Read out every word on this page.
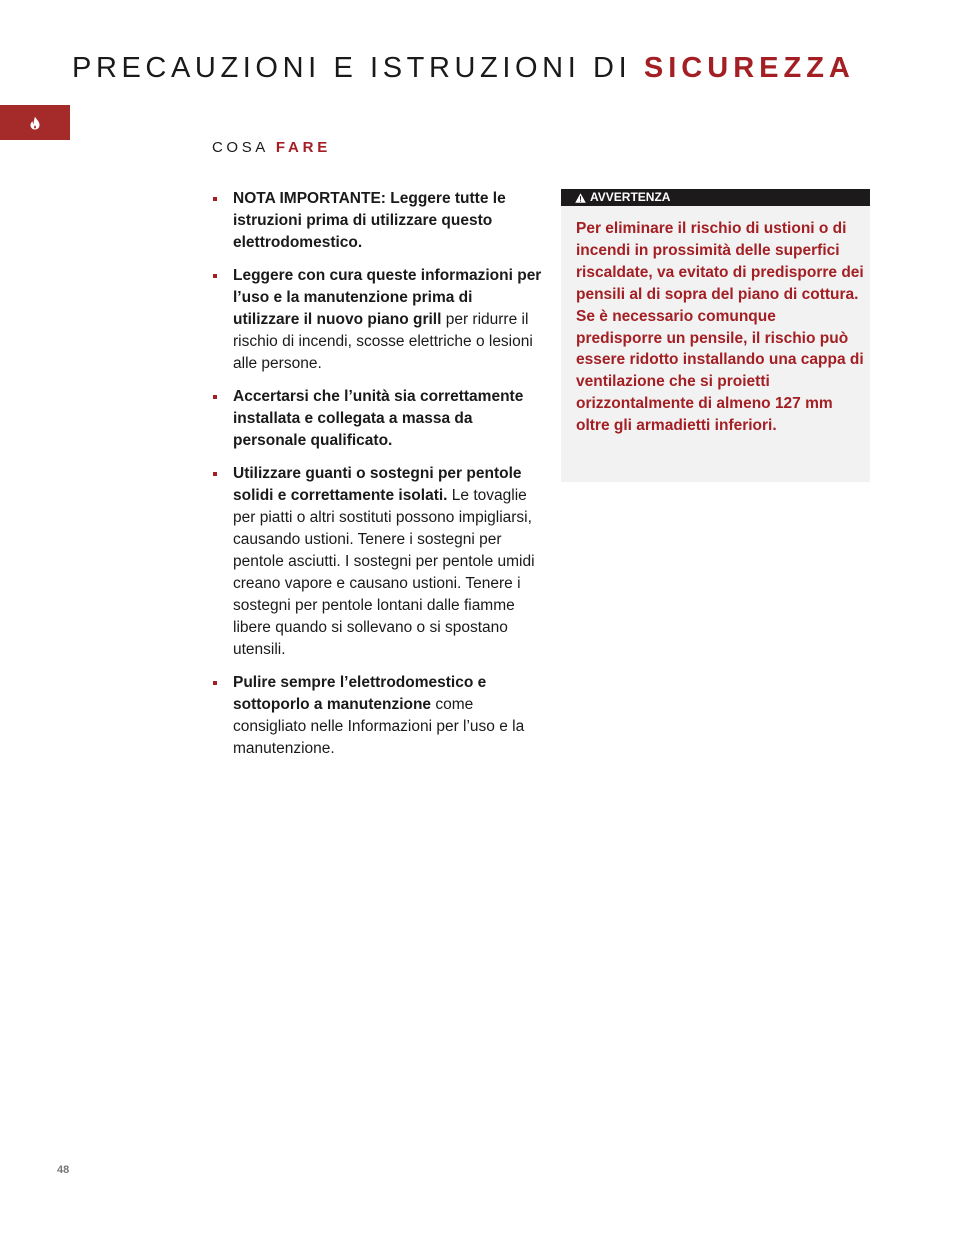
PRECAUZIONI E ISTRUZIONI DI SICUREZZA
COSA FARE
NOTA IMPORTANTE: Leggere tutte le istruzioni prima di utilizzare questo elettrodomestico.
Leggere con cura queste informazioni per l’uso e la manutenzione prima di utilizzare il nuovo piano grill per ridurre il rischio di incendi, scosse elettriche o lesioni alle persone.
Accertarsi che l’unità sia correttamente installata e collegata a massa da personale qualificato.
Utilizzare guanti o sostegni per pentole solidi e correttamente isolati. Le tovaglie per piatti o altri sostituti possono impigliarsi, causando ustioni. Tenere i sostegni per pentole asciutti. I sostegni per pentole umidi creano vapore e causano ustioni. Tenere i sostegni per pentole lontani dalle fiamme libere quando si sollevano o si spostano utensili.
Pulire sempre l’elettrodomestico e sottoporlo a manutenzione come consigliato nelle Informazioni per l’uso e la manutenzione.
AVVERTENZA
Per eliminare il rischio di ustioni o di incendi in prossimità delle superfici riscaldate, va evitato di predisporre dei pensili al di sopra del piano di cottura. Se è necessario comunque predisporre un pensile, il rischio può essere ridotto installando una cappa di ventilazione che si proietti orizzontalmente di almeno 127 mm oltre gli armadietti inferiori.
48
